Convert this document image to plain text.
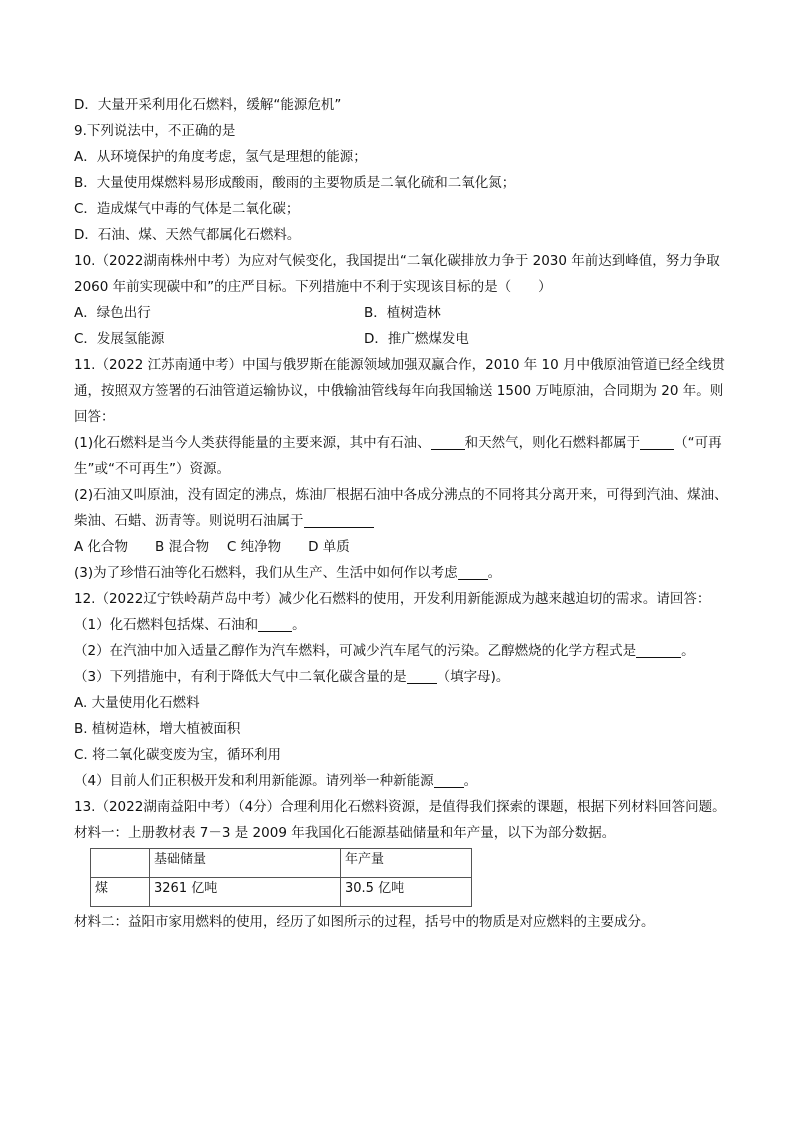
D．大量开采利用化石燃料，缓解“能源危机”
9.下列说法中，不正确的是
A．从环境保护的角度考虑，氢气是理想的能源；
B．大量使用煤燃料易形成酸雨，酸雨的主要物质是二氧化硫和二氧化氮；
C．造成煤气中毒的气体是二氧化碳；
D．石油、煤、天然气都属化石燃料。
10.（2022湖南株州中考）为应对气候变化，我国提出“二氧化碳排放力争于 2030 年前达到峰值，努力争取 2060 年前实现碳中和”的庄严目标。下列措施中不利于实现该目标的是（　　）
A．绿色出行	B．植树造林
C．发展氢能源	D．推广燃煤发电
11.（2022 江苏南通中考）中国与俄罗斯在能源领域加强双赢合作，2010 年 10 月中俄原油管道已经全线贯通，按照双方签署的石油管道运输协议，中俄输油管线每年向我国输送 1500 万吨原油，合同期为 20 年。则回答：
(1)化石燃料是当今人类获得能量的主要来源，其中有石油、	和天然气，则化石燃料都属于	（“可再生”或“不可再生”）资源。
(2)石油又叫原油，没有固定的沸点，炼油厂根据石油中各成分沸点的不同将其分离开来，可得到汽油、煤油、柴油、石蜡、沥青等。则说明石油属于
A 化合物　　B 混合物　 C 纯净物　　D 单质
(3)为了珍惜石油等化石燃料，我们从生产、生活中如何作以考虑 。
12.（2022辽宁铁岭葫芦岛中考）减少化石燃料的使用，开发利用新能源成为越来越迫切的需求。请回答：
（1）化石燃料包括煤、石油和	。
（2）在汽油中加入适量乙醇作为汽车燃料，可减少汽车尾气的污染。乙醇燃烧的化学方程式是	。
（3）下列措施中，有利于降低大气中二氧化碳含量的是 （填字母)。
A. 大量使用化石燃料
B. 植树造林，增大植被面积
C. 将二氧化碳变废为宝，循环利用
（4）目前人们正积极开发和利用新能源。请列举一种新能源 。
13.（2022湖南益阳中考）（4分）合理利用化石燃料资源，是值得我们探索的课题，根据下列材料回答问题。
材料一：上册教材表 7－3 是 2009 年我国化石能源基础储量和年产量，以下为部分数据。
	基础储量	年产量
煤	3261 亿吨	30.5 亿吨
材料二：益阳市家用燃料的使用，经历了如图所示的过程，括号中的物质是对应燃料的主要成分。
